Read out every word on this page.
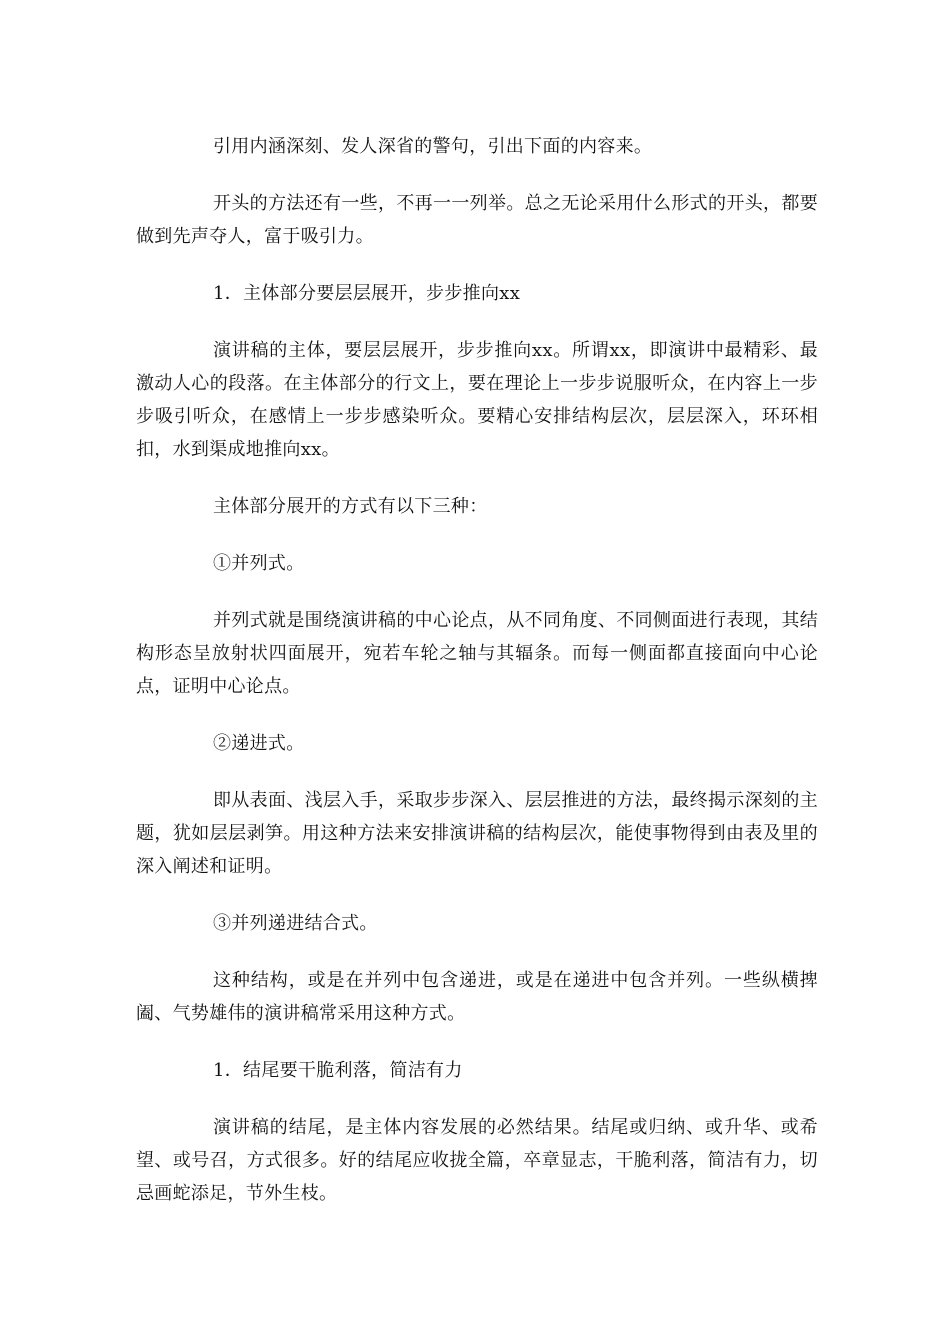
引用内涵深刻、发人深省的警句，引出下面的内容来。

开头的方法还有一些，不再一一列举。总之无论采用什么形式的开头，都要做到先声夺人，富于吸引力。

1．主体部分要层层展开，步步推向xx

演讲稿的主体，要层层展开，步步推向xx。所谓xx，即演讲中最精彩、最激动人心的段落。在主体部分的行文上，要在理论上一步步说服听众，在内容上一步步吸引听众，在感情上一步步感染听众。要精心安排结构层次，层层深入，环环相扣，水到渠成地推向xx。

主体部分展开的方式有以下三种：

①并列式。

并列式就是围绕演讲稿的中心论点，从不同角度、不同侧面进行表现，其结构形态呈放射状四面展开，宛若车轮之轴与其辐条。而每一侧面都直接面向中心论点，证明中心论点。

②递进式。

即从表面、浅层入手，采取步步深入、层层推进的方法，最终揭示深刻的主题，犹如层层剥笋。用这种方法来安排演讲稿的结构层次，能使事物得到由表及里的深入阐述和证明。

③并列递进结合式。

这种结构，或是在并列中包含递进，或是在递进中包含并列。一些纵横捭阖、气势雄伟的演讲稿常采用这种方式。

1．结尾要干脆利落，简洁有力

演讲稿的结尾，是主体内容发展的必然结果。结尾或归纳、或升华、或希望、或号召，方式很多。好的结尾应收拢全篇，卒章显志，干脆利落，简洁有力，切忌画蛇添足，节外生枝。
